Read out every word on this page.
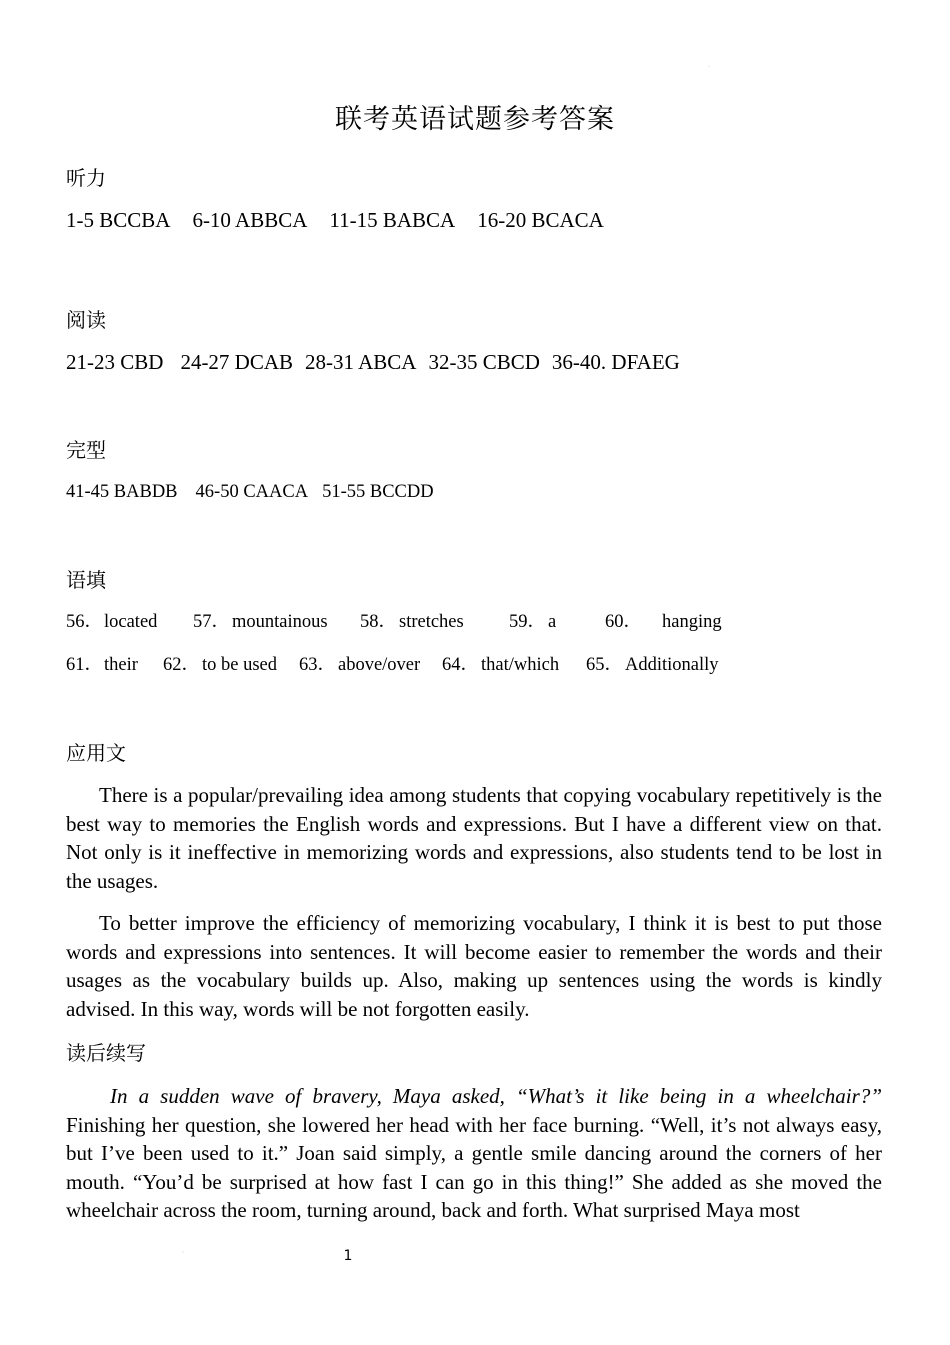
·
联考英语试题参考答案
听力
1-5 BCCBA 6-10 ABBCA 11-15 BABCA 16-20 BCACA
阅读
21-23 CBD 24-27 DCAB 28-31 ABCA 32-35 CBCD 36-40. DFAEG
完型
41-45 BABDB 46-50 CAACA 51-55 BCCDD
语填
56． located 57． mountainous 58． stretches 59． a	60． hanging
61． their 62． to be used 63． above/over 64． that/which 65． Additionally
应用文

There is a popular/prevailing idea among students that copying vocabulary repetitively is the best way to memories the English words and expressions. But I have a different view on that. Not only is it ineffective in memorizing words and expressions, also students tend to be lost in the usages.

To better improve the efficiency of memorizing vocabulary, I think it is best to put those words and expressions into sentences. It will become easier to remember the words and their usages as the vocabulary builds up. Also, making up sentences using the words is kindly advised. In this way, words will be not forgotten easily.

读后续写

In a sudden wave of bravery, Maya asked, “What’s it like being in a wheelchair?” Finishing her question, she lowered her head with her face burning. “Well, it’s not always easy, but I’ve been used to it.” Joan said simply, a gentle smile dancing around the corners of her mouth. “You’d be surprised at how fast I can go in this thing!” She added as she moved the wheelchair across the room, turning around, back and forth. What surprised Maya most

·	1
